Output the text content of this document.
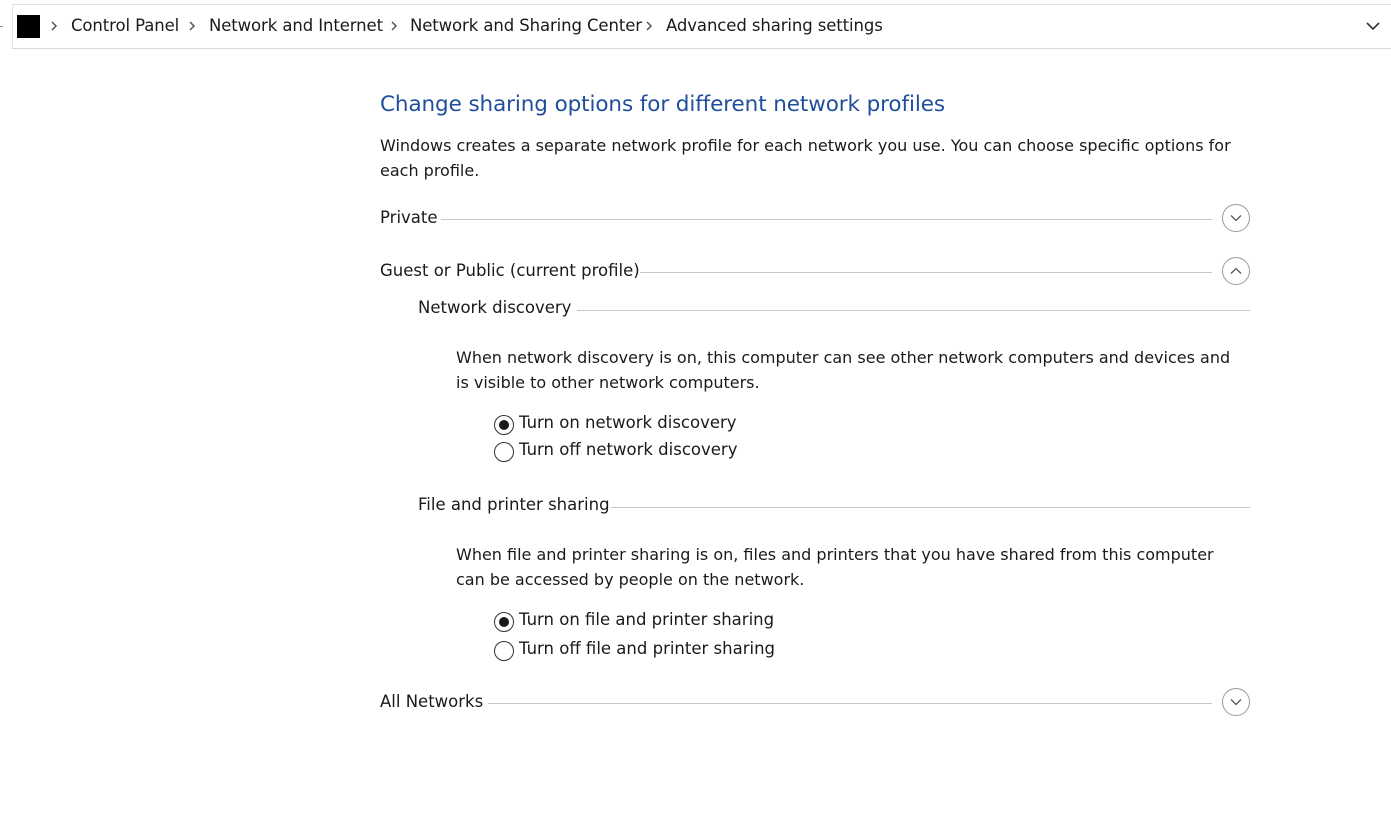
Control Panel Network and Internet Network and Sharing Center Advanced sharing settings
Change sharing options for different network profiles
Windows creates a separate network profile for each network you use. You can choose specific options for each profile.
Private
Guest or Public (current profile)
Network discovery
When network discovery is on, this computer can see other network computers and devices and is visible to other network computers.
Turn on network discovery
Turn off network discovery
File and printer sharing
When file and printer sharing is on, files and printers that you have shared from this computer can be accessed by people on the network.
Turn on file and printer sharing
Turn off file and printer sharing
All Networks
